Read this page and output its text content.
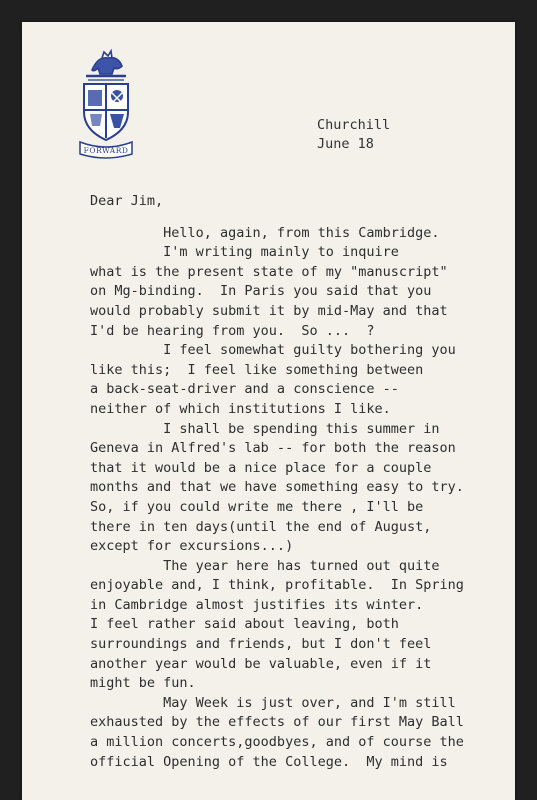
FORWARD
Churchill
June 18
Dear Jim,
Hello, again, from this Cambridge.
I'm writing mainly to inquire
what is the present state of my "manuscript"
on Mg-binding.  In Paris you said that you
would probably submit it by mid-May and that
I'd be hearing from you.  So ...  ?
I feel somewhat guilty bothering you
like this;  I feel like something between
a back-seat-driver and a conscience --
neither of which institutions I like.
I shall be spending this summer in
Geneva in Alfred's lab -- for both the reason
that it would be a nice place for a couple
months and that we have something easy to try.
So, if you could write me there , I'll be
there in ten days(until the end of August,
except for excursions...)
The year here has turned out quite
enjoyable and, I think, profitable.  In Spring
in Cambridge almost justifies its winter.
I feel rather said about leaving, both
surroundings and friends, but I don't feel
another year would be valuable, even if it
might be fun.
May Week is just over, and I'm still
exhausted by the effects of our first May Ball
a million concerts,goodbyes, and of course the
official Opening of the College.  My mind is
